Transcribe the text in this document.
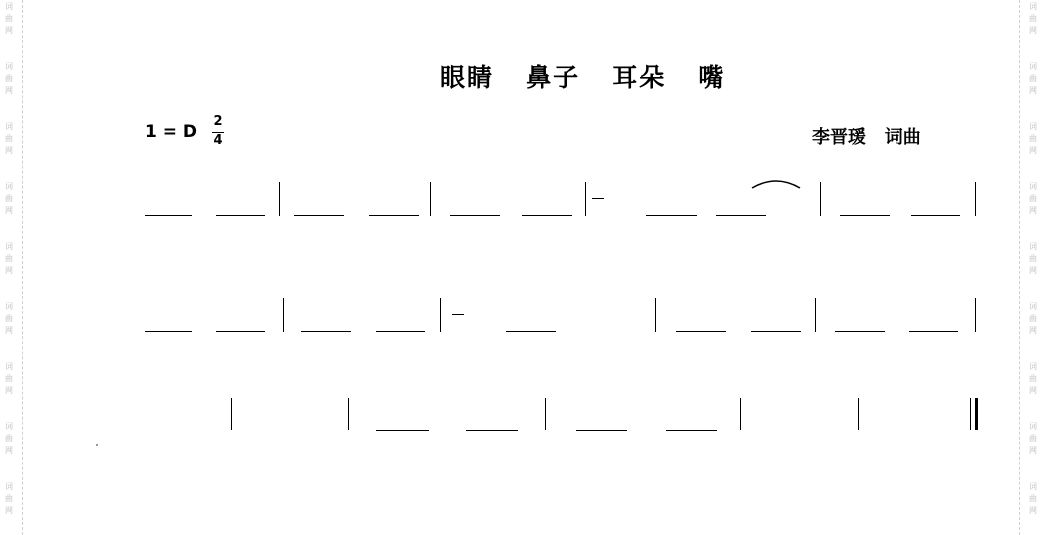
词
曲
网
词
曲
网
词
曲
网
词
曲
网
词
曲
网
词
曲
网
词
曲
网
词
曲
网
词
曲
网
词
曲
网
词
曲
网
词
曲
网
词
曲
网
词
曲
网
词
曲
网
词
曲
网
词
曲
网
词
曲
网
眼睛   鼻子   耳朵   嘴
1 = D
2
4	李晋瑗   词曲
